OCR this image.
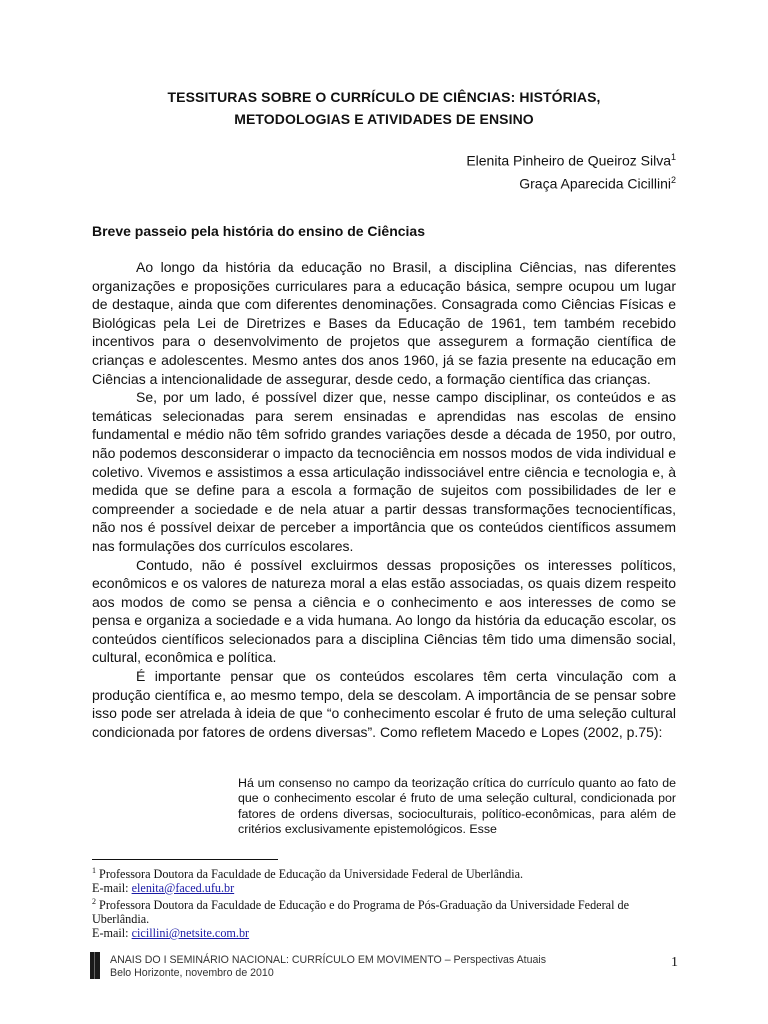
TESSITURAS SOBRE O CURRÍCULO DE CIÊNCIAS: HISTÓRIAS,
METODOLOGIAS E ATIVIDADES DE ENSINO
Elenita Pinheiro de Queiroz Silva$^1$
Graça Aparecida Cicillini$^2$
Breve passeio pela história do ensino de Ciências

Ao longo da história da educação no Brasil, a disciplina Ciências, nas diferentes organizações e proposições curriculares para a educação básica, sempre ocupou um lugar de destaque, ainda que com diferentes denominações. Consagrada como Ciências Físicas e Biológicas pela Lei de Diretrizes e Bases da Educação de 1961, tem também recebido incentivos para o desenvolvimento de projetos que assegurem a formação científica de crianças e adolescentes. Mesmo antes dos anos 1960, já se fazia presente na educação em Ciências a intencionalidade de assegurar, desde cedo, a formação científica das crianças.

Se, por um lado, é possível dizer que, nesse campo disciplinar, os conteúdos e as temáticas selecionadas para serem ensinadas e aprendidas nas escolas de ensino fundamental e médio não têm sofrido grandes variações desde a década de 1950, por outro, não podemos desconsiderar o impacto da tecnociência em nossos modos de vida individual e coletivo. Vivemos e assistimos a essa articulação indissociável entre ciência e tecnologia e, à medida que se define para a escola a formação de sujeitos com possibilidades de ler e compreender a sociedade e de nela atuar a partir dessas transformações tecnocientíficas, não nos é possível deixar de perceber a importância que os conteúdos científicos assumem nas formulações dos currículos escolares.

Contudo, não é possível excluirmos dessas proposições os interesses políticos, econômicos e os valores de natureza moral a elas estão associadas, os quais dizem respeito aos modos de como se pensa a ciência e o conhecimento e aos interesses de como se pensa e organiza a sociedade e a vida humana. Ao longo da história da educação escolar, os conteúdos científicos selecionados para a disciplina Ciências têm tido uma dimensão social, cultural, econômica e política.

É importante pensar que os conteúdos escolares têm certa vinculação com a produção científica e, ao mesmo tempo, dela se descolam. A importância de se pensar sobre isso pode ser atrelada à ideia de que “o conhecimento escolar é fruto de uma seleção cultural condicionada por fatores de ordens diversas”. Como refletem Macedo e Lopes (2002, p.75):

Há um consenso no campo da teorização crítica do currículo quanto ao fato de que o conhecimento escolar é fruto de uma seleção cultural, condicionada por fatores de ordens diversas, socioculturais, político-econômicas, para além de critérios exclusivamente epistemológicos. Esse

$^1$ Professora Doutora da Faculdade de Educação da Universidade Federal de Uberlândia.

E-mail: elenita@faced.ufu.br

$^2$ Professora Doutora da Faculdade de Educação e do Programa de Pós-Graduação da Universidade Federal de Uberlândia.

E-mail: cicillini@netsite.com.br

ANAIS DO I SEMINÁRIO NACIONAL: CURRÍCULO EM MOVIMENTO – Perspectivas Atuais
Belo Horizonte, novembro de 2010
1
